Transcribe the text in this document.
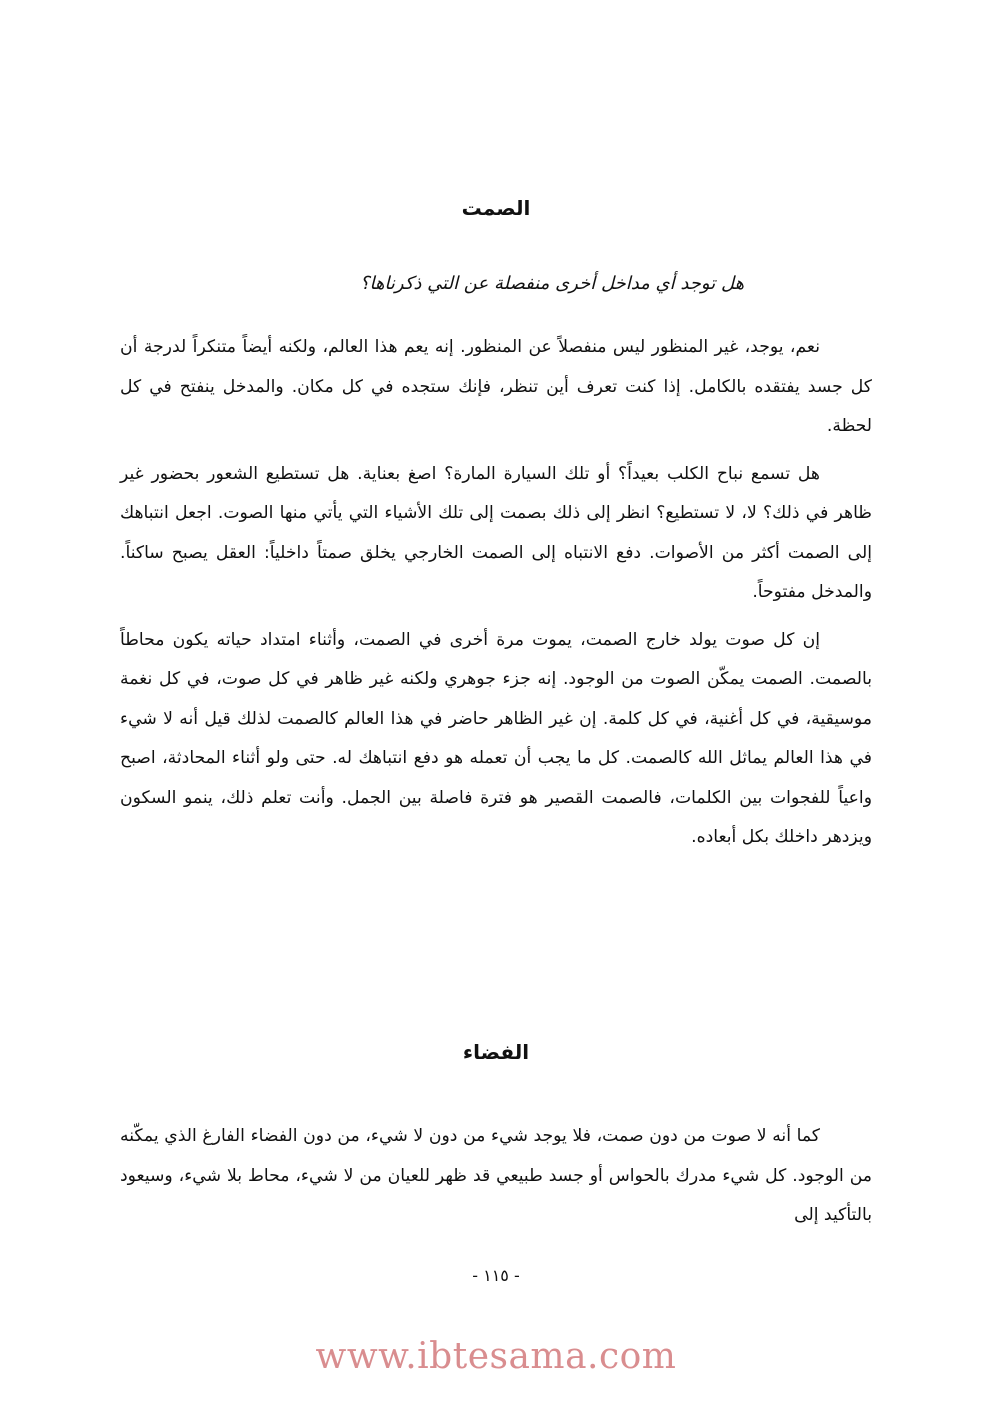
الصمت
هل توجد أي مداخل أخرى منفصلة عن التي ذكرناها؟

نعم، يوجد، غير المنظور ليس منفصلاً عن المنظور. إنه يعم هذا العالم، ولكنه أيضاً متنكراً لدرجة أن كل جسد يفتقده بالكامل. إذا كنت تعرف أين تنظر، فإنك ستجده في كل مكان. والمدخل ينفتح في كل لحظة.

هل تسمع نباح الكلب بعيداً؟ أو تلك السيارة المارة؟ اصغ بعناية. هل تستطيع الشعور بحضور غير ظاهر في ذلك؟ لا، لا تستطيع؟ انظر إلى ذلك بصمت إلى تلك الأشياء التي يأتي منها الصوت. اجعل انتباهك إلى الصمت أكثر من الأصوات. دفع الانتباه إلى الصمت الخارجي يخلق صمتاً داخلياً: العقل يصبح ساكناً. والمدخل مفتوحاً.

إن كل صوت يولد خارج الصمت، يموت مرة أخرى في الصمت، وأثناء امتداد حياته يكون محاطاً بالصمت. الصمت يمكّن الصوت من الوجود. إنه جزء جوهري ولكنه غير ظاهر في كل صوت، في كل نغمة موسيقية، في كل أغنية، في كل كلمة. إن غير الظاهر حاضر في هذا العالم كالصمت لذلك قيل أنه لا شيء في هذا العالم يماثل الله كالصمت. كل ما يجب أن تعمله هو دفع انتباهك له. حتى ولو أثناء المحادثة، اصبح واعياً للفجوات بين الكلمات، فالصمت القصير هو فترة فاصلة بين الجمل. وأنت تعلم ذلك، ينمو السكون ويزدهر داخلك بكل أبعاده.

الفضاء

كما أنه لا صوت من دون صمت، فلا يوجد شيء من دون لا شيء، من دون الفضاء الفارغ الذي يمكّنه من الوجود. كل شيء مدرك بالحواس أو جسد طبيعي قد ظهر للعيان من لا شيء، محاط بلا شيء، وسيعود بالتأكيد إلى

- ١١٥ -
www.ibtesama.com
